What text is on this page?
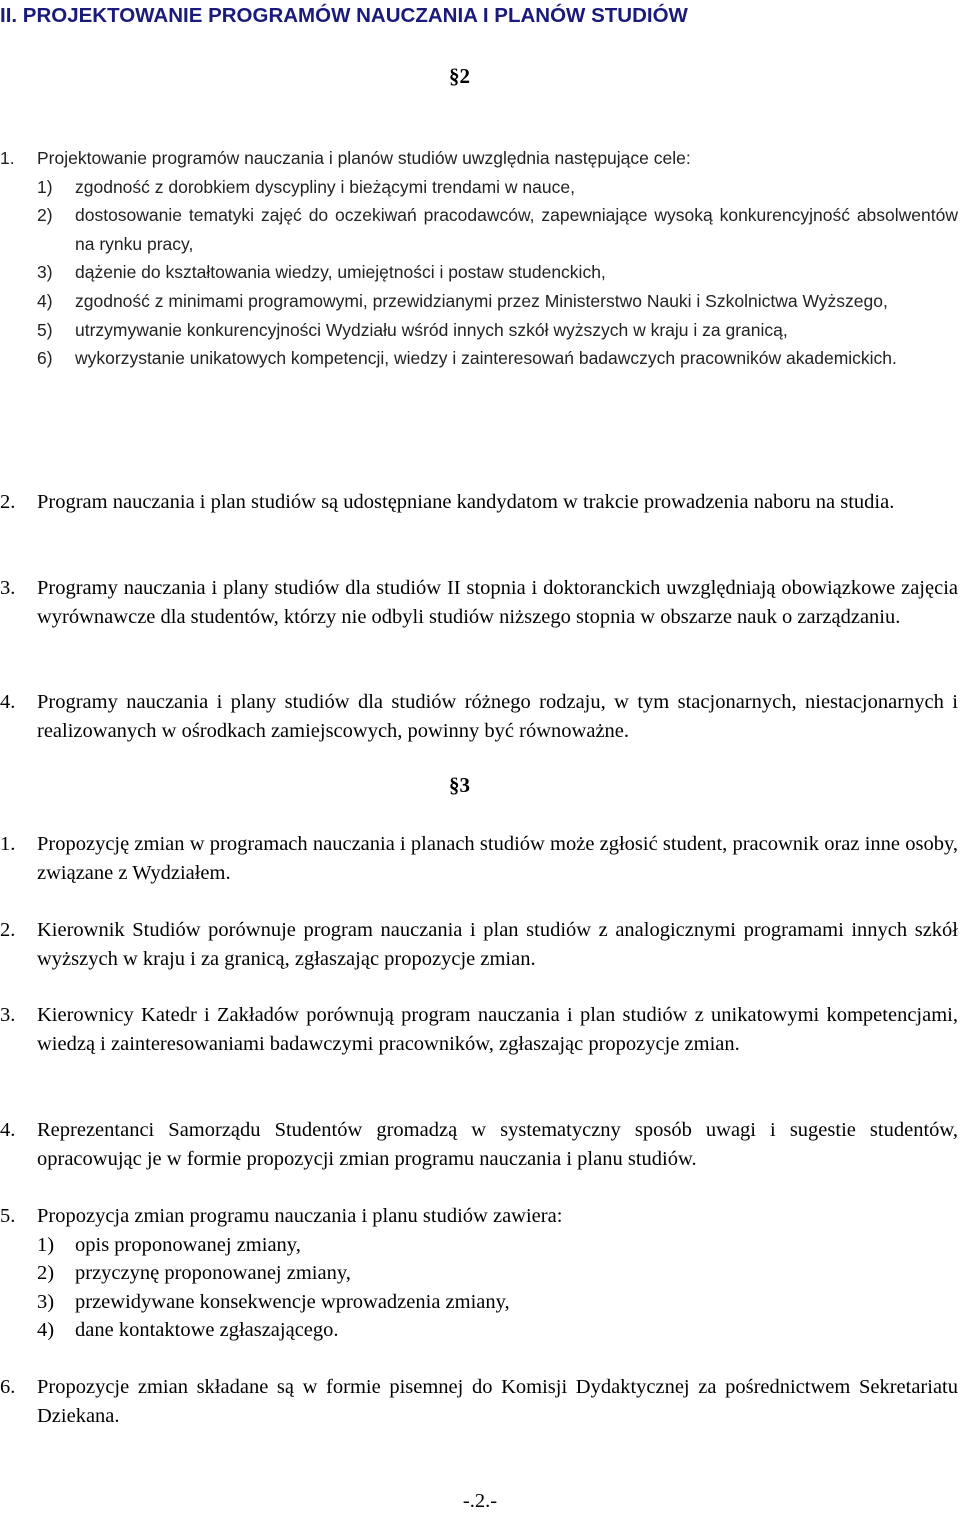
II. PROJEKTOWANIE PROGRAMÓW NAUCZANIA I PLANÓW STUDIÓW
§2
1.	Projektowanie programów nauczania i planów studiów uwzględnia następujące cele:
1)	zgodność z dorobkiem dyscypliny i bieżącymi trendami w nauce,
2)	dostosowanie tematyki zajęć do oczekiwań pracodawców, zapewniające wysoką konkurencyjność absolwentów na rynku pracy,
3)	dążenie do kształtowania wiedzy, umiejętności i postaw studenckich,
4)	zgodność z minimami programowymi, przewidzianymi przez Ministerstwo Nauki i Szkolnictwa Wyższego,
5)	utrzymywanie konkurencyjności Wydziału wśród innych szkół wyższych w kraju i za granicą,
6)	wykorzystanie unikatowych kompetencji, wiedzy i zainteresowań badawczych pracowników akademickich.
2.	Program nauczania i plan studiów są udostępniane kandydatom w trakcie prowadzenia naboru na studia.
3.	Programy nauczania i plany studiów dla studiów II stopnia i doktoranckich uwzględniają obowiązkowe zajęcia wyrównawcze dla studentów, którzy nie odbyli studiów niższego stopnia w obszarze nauk o zarządzaniu.
4.	Programy nauczania i plany studiów dla studiów różnego rodzaju, w tym stacjonarnych, niestacjonarnych i realizowanych w ośrodkach zamiejscowych, powinny być równoważne.
§3
1.	Propozycję zmian w programach nauczania i planach studiów może zgłosić student, pracownik oraz inne osoby, związane z Wydziałem.
2.	Kierownik Studiów porównuje program nauczania i plan studiów z analogicznymi programami innych szkół wyższych w kraju i za granicą, zgłaszając propozycje zmian.
3.	Kierownicy Katedr i Zakładów porównują program nauczania i plan studiów z unikatowymi kompetencjami, wiedzą i zainteresowaniami badawczymi pracowników, zgłaszając propozycje zmian.
4.	Reprezentanci Samorządu Studentów gromadzą w systematyczny sposób uwagi i sugestie studentów, opracowując je w formie propozycji zmian programu nauczania i planu studiów.
5.	Propozycja zmian programu nauczania i planu studiów zawiera:
1)	opis proponowanej zmiany,
2)	przyczynę proponowanej zmiany,
3)	przewidywane konsekwencje wprowadzenia zmiany,
4)	dane kontaktowe zgłaszającego.
6.	Propozycje zmian składane są w formie pisemnej do Komisji Dydaktycznej za pośrednictwem Sekretariatu Dziekana.
-.2.-
